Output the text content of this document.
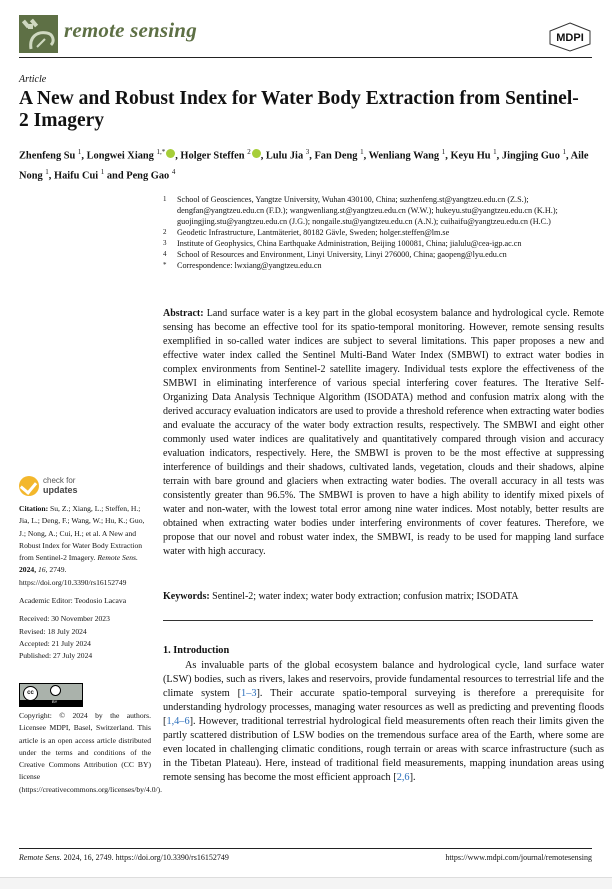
remote sensing	MDPI
Article
A New and Robust Index for Water Body Extraction from Sentinel-2 Imagery
Zhenfeng Su $^1$, Longwei Xiang $^{1,*}$ , Holger Steffen $^2$ , Lulu Jia $^3$, Fan Deng $^1$, Wenliang Wang $^1$, Keyu Hu $^1$, Jingjing Guo $^1$, Aile Nong $^1$, Haifu Cui $^1$ and Peng Gao $^4$
1	School of Geosciences, Yangtze University, Wuhan 430100, China; suzhenfeng.st@yangtzeu.edu.cn (Z.S.); dengfan@yangtzeu.edu.cn (F.D.); wangwenliang.st@yangtzeu.edu.cn (W.W.); hukeyu.stu@yangtzeu.edu.cn (K.H.); guojingjing.stu@yangtzeu.edu.cn (J.G.); nongaile.stu@yangtzeu.edu.cn (A.N.); cuihaifu@yangtzeu.edu.cn (H.C.)
2	Geodetic Infrastructure, Lantmäteriet, 80182 Gävle, Sweden; holger.steffen@lm.se
3	Institute of Geophysics, China Earthquake Administration, Beijing 100081, China; jialulu@cea-igp.ac.cn
4	School of Resources and Environment, Linyi University, Linyi 276000, China; gaopeng@lyu.edu.cn
*	Correspondence: lwxiang@yangtzeu.edu.cn
Abstract: Land surface water is a key part in the global ecosystem balance and hydrological cycle. Remote sensing has become an effective tool for its spatio-temporal monitoring. However, remote sensing results exemplified in so-called water indices are subject to several limitations. This paper proposes a new and effective water index called the Sentinel Multi-Band Water Index (SMBWI) to extract water bodies in complex environments from Sentinel-2 satellite imagery. Individual tests explore the effectiveness of the SMBWI in eliminating interference of various special interfering cover features. The Iterative Self-Organizing Data Analysis Technique Algorithm (ISODATA) method and confusion matrix along with the derived accuracy evaluation indicators are used to provide a threshold reference when extracting water bodies and evaluate the accuracy of the water body extraction results, respectively. The SMBWI and eight other commonly used water indices are qualitatively and quantitatively compared through vision and accuracy evaluation indicators, respectively. Here, the SMBWI is proven to be the most effective at suppressing interference of buildings and their shadows, cultivated lands, vegetation, clouds and their shadows, alpine terrain with bare ground and glaciers when extracting water bodies. The overall accuracy in all tests was consistently greater than 96.5%. The SMBWI is proven to have a high ability to identify mixed pixels of water and non-water, with the lowest total error among nine water indices. Most notably, better results are obtained when extracting water bodies under interfering environments of cover features. Therefore, we propose that our novel and robust water index, the SMBWI, is ready to be used for mapping land surface water with high accuracy.
Keywords: Sentinel-2; water index; water body extraction; confusion matrix; ISODATA
1. Introduction
As invaluable parts of the global ecosystem balance and hydrological cycle, land surface water (LSW) bodies, such as rivers, lakes and reservoirs, provide fundamental resources to terrestrial life and the climate system [1–3]. Their accurate spatio-temporal surveying is therefore a prerequisite for understanding hydrology processes, managing water resources as well as predicting and preventing floods [1,4–6]. However, traditional terrestrial hydrological field measurements often reach their limits given the partly scattered distribution of LSW bodies on the tremendous surface area of the Earth, where some are even located in challenging climatic conditions, rough terrain or areas with scarce infrastructure (such as in the Tibetan Plateau). Here, instead of traditional field measurements, mapping inundation areas using remote sensing has become the most efficient approach [2,6].
check for
updates
Citation: Su, Z.; Xiang, L.; Steffen, H.; Jia, L.; Deng, F.; Wang, W.; Hu, K.; Guo, J.; Nong, A.; Cui, H.; et al. A New and Robust Index for Water Body Extraction from Sentinel-2 Imagery. Remote Sens. 2024, 16, 2749. https://doi.org/10.3390/rs16152749
Academic Editor: Teodosio Lacava
Received: 30 November 2023
Revised: 18 July 2024
Accepted: 21 July 2024
Published: 27 July 2024
cc
BY
Copyright: © 2024 by the authors. Licensee MDPI, Basel, Switzerland. This article is an open access article distributed under the terms and conditions of the Creative Commons Attribution (CC BY) license (https://creativecommons.org/licenses/by/4.0/).
Remote Sens. 2024, 16, 2749. https://doi.org/10.3390/rs16152749	https://www.mdpi.com/journal/remotesensing
